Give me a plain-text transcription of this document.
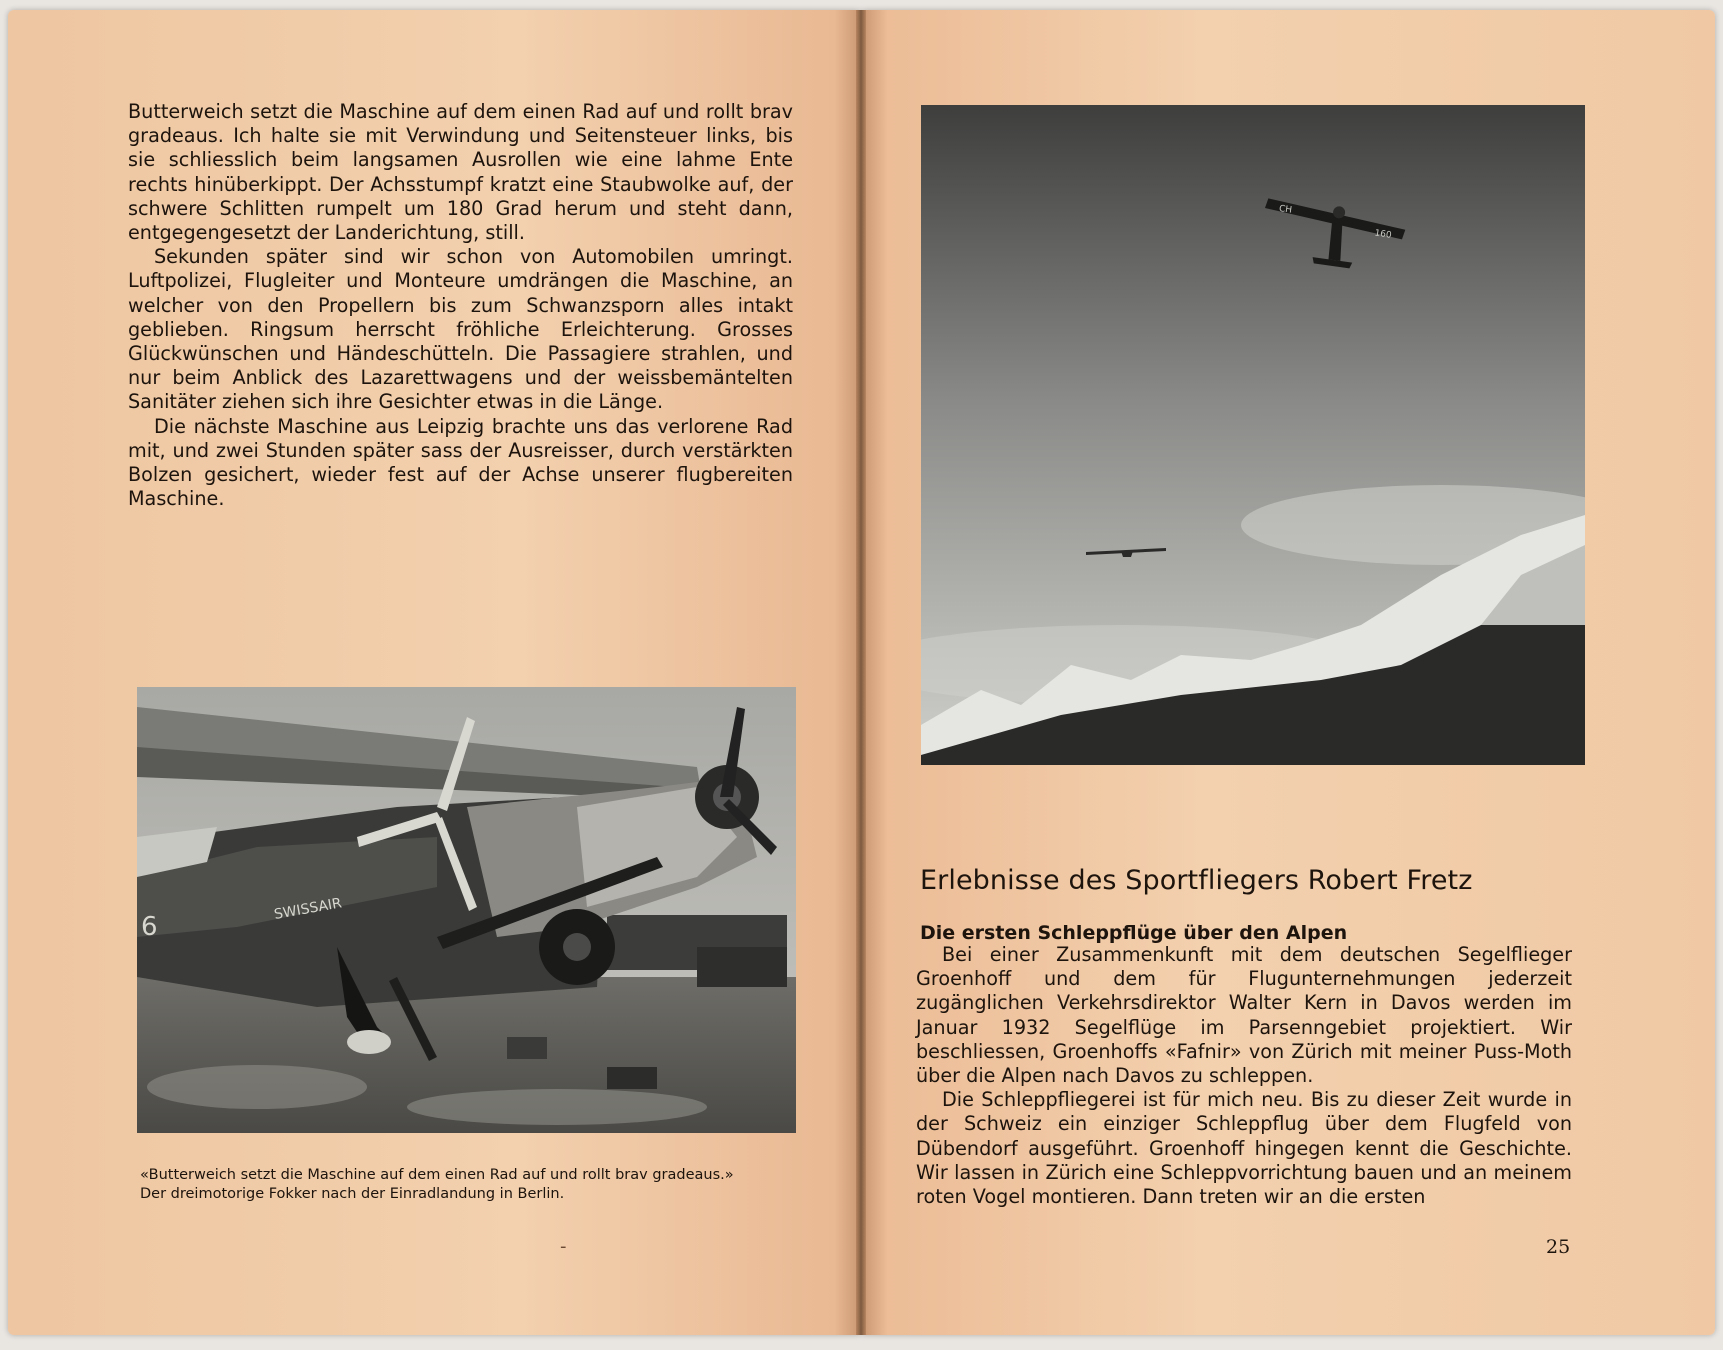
Butterweich setzt die Maschine auf dem einen Rad auf und rollt brav gradeaus. Ich halte sie mit Verwindung und Seitensteuer links, bis sie schliesslich beim langsamen Ausrollen wie eine lahme Ente rechts hinüberkippt. Der Achsstumpf kratzt eine Staubwolke auf, der schwere Schlitten rumpelt um 180 Grad herum und steht dann, entgegengesetzt der Landerichtung, still.

Sekunden später sind wir schon von Automobilen umringt. Luftpolizei, Flugleiter und Monteure umdrängen die Maschine, an welcher von den Propellern bis zum Schwanzsporn alles intakt geblieben. Ringsum herrscht fröhliche Erleichterung. Grosses Glückwünschen und Händeschütteln. Die Passagiere strahlen, und nur beim Anblick des Lazarettwagens und der weissbemäntelten Sanitäter ziehen sich ihre Gesichter etwas in die Länge.

Die nächste Maschine aus Leipzig brachte uns das verlorene Rad mit, und zwei Stunden später sass der Ausreisser, durch verstärkten Bolzen gesichert, wieder fest auf der Achse unserer flugbereiten Maschine.

SWISSAIR
6
«Butterweich setzt die Maschine auf dem einen Rad auf und rollt brav gradeaus.»
Der dreimotorige Fokker nach der Einradlandung in Berlin.
-
CH
160
Erlebnisse des Sportfliegers Robert Fretz
Die ersten Schleppflüge über den Alpen

Bei einer Zusammenkunft mit dem deutschen Segelflieger Groenhoff und dem für Flugunternehmungen jederzeit zugänglichen Verkehrsdirektor Walter Kern in Davos werden im Januar 1932 Segelflüge im Parsenngebiet projektiert. Wir beschliessen, Groenhoffs «Fafnir» von Zürich mit meiner Puss-Moth über die Alpen nach Davos zu schleppen.

Die Schleppfliegerei ist für mich neu. Bis zu dieser Zeit wurde in der Schweiz ein einziger Schleppflug über dem Flugfeld von Dübendorf ausgeführt. Groenhoff hingegen kennt die Geschichte. Wir lassen in Zürich eine Schleppvorrichtung bauen und an meinem roten Vogel montieren. Dann treten wir an die ersten

25
